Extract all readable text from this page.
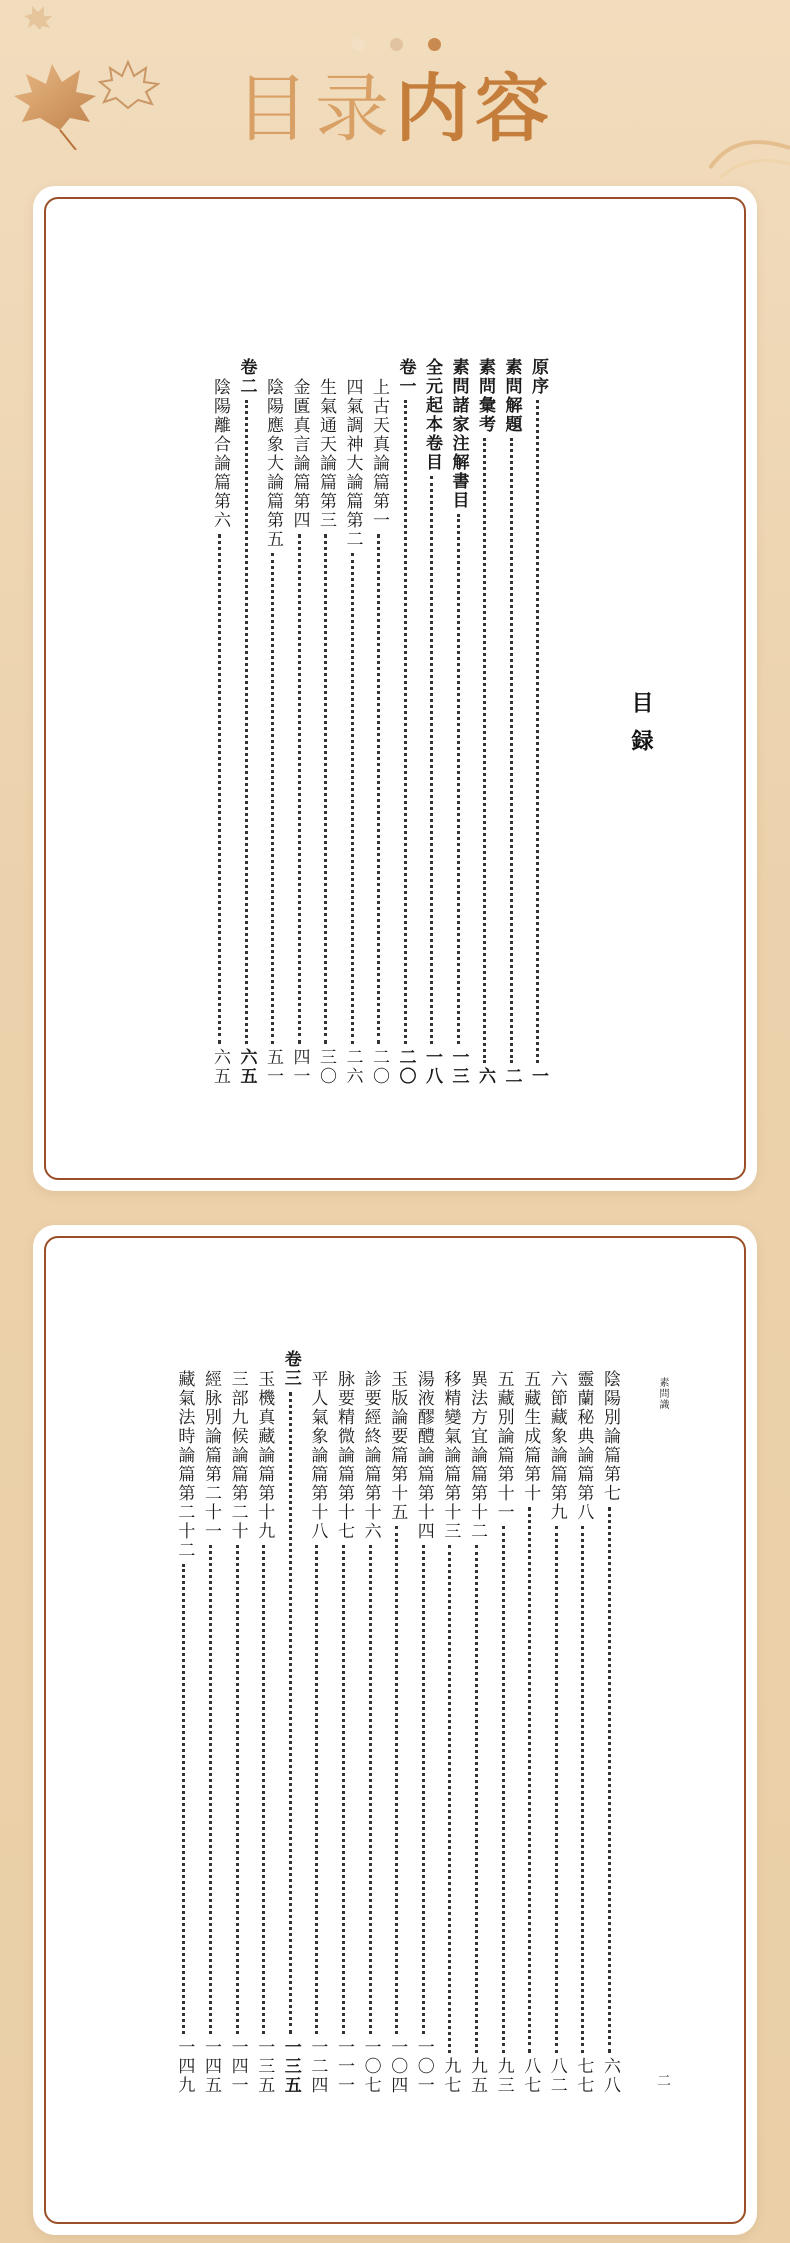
目录内容
目録
原序
一
素問解題
二
素問彙考
六
素問諸家注解書目
一三
全元起本卷目
一八
卷一
二〇
上古天真論篇第一
二〇
四氣調神大論篇第二
二六
生氣通天論篇第三
三〇
金匱真言論篇第四
四一
陰陽應象大論篇第五
五一
卷二
六五
陰陽離合論篇第六
六五
素問識
二
陰陽別論篇第七
六八
靈蘭秘典論篇第八
七七
六節藏象論篇第九
八二
五藏生成篇第十
八七
五藏別論篇第十一
九三
異法方宜論篇第十二
九五
移精變氣論篇第十三
九七
湯液醪醴論篇第十四
一〇一
玉版論要篇第十五
一〇四
診要經終論篇第十六
一〇七
脉要精微論篇第十七
一一一
平人氣象論篇第十八
一二四
卷三
一三五
玉機真藏論篇第十九
一三五
三部九候論篇第二十
一四一
經脉別論篇第二十一
一四五
藏氣法時論篇第二十二
一四九
